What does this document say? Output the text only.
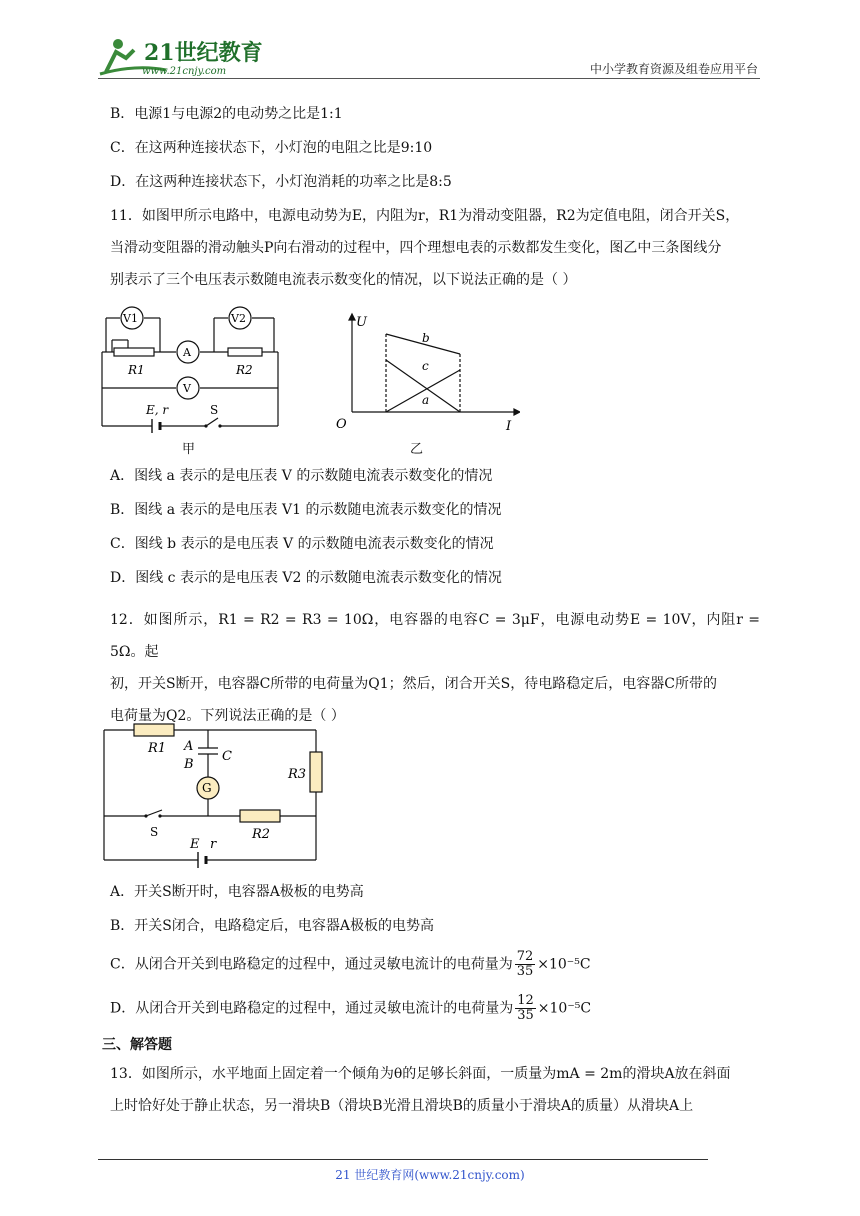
21世纪教育
www.21cnjy.com	中小学教育资源及组卷应用平台
B．电源1与电源2的电动势之比是1:1
C．在这两种连接状态下，小灯泡的电阻之比是9:10
D．在这两种连接状态下，小灯泡消耗的功率之比是8:5
11．如图甲所示电路中，电源电动势为E，内阻为r，R1为滑动变阻器，R2为定值电阻，闭合开关S，
当滑动变阻器的滑动触头P向右滑动的过程中，四个理想电表的示数都发生变化，图乙中三条图线分
别表示了三个电压表示数随电流表示数变化的情况，以下说法正确的是（ ）
V1	V2
A
V
R1	R2
E, r	S
甲
U
I
O
b
c
a
乙
A．图线 a 表示的是电压表 V 的示数随电流表示数变化的情况
B．图线 a 表示的是电压表 V1 的示数随电流表示数变化的情况
C．图线 b 表示的是电压表 V 的示数随电流表示数变化的情况
D．图线 c 表示的是电压表 V2 的示数随电流表示数变化的情况
12．如图所示，R1 = R2 = R3 = 10Ω，电容器的电容C = 3μF，电源电动势E = 10V，内阻r = 5Ω。起
初，开关S断开，电容器C所带的电荷量为Q1；然后，闭合开关S，待电路稳定后，电容器C所带的
电荷量为Q2。下列说法正确的是（ ）
G
R1 A
B
C
R3
R2
S
E r
A．开关S断开时，电容器A极板的电势高
B．开关S闭合，电路稳定后，电容器A极板的电势高
C．从闭合开关到电路稳定的过程中，通过灵敏电流计的电荷量为 $\frac{72}{35} \times 10^{-5}C$
D．从闭合开关到电路稳定的过程中，通过灵敏电流计的电荷量为 $\frac{12}{35} \times 10^{-5}C$
三、解答题
13．如图所示，水平地面上固定着一个倾角为θ的足够长斜面，一质量为mA = 2m的滑块A放在斜面
上时恰好处于静止状态，另一滑块B（滑块B光滑且滑块B的质量小于滑块A的质量）从滑块A上
21 世纪教育网(www.21cnjy.com)
